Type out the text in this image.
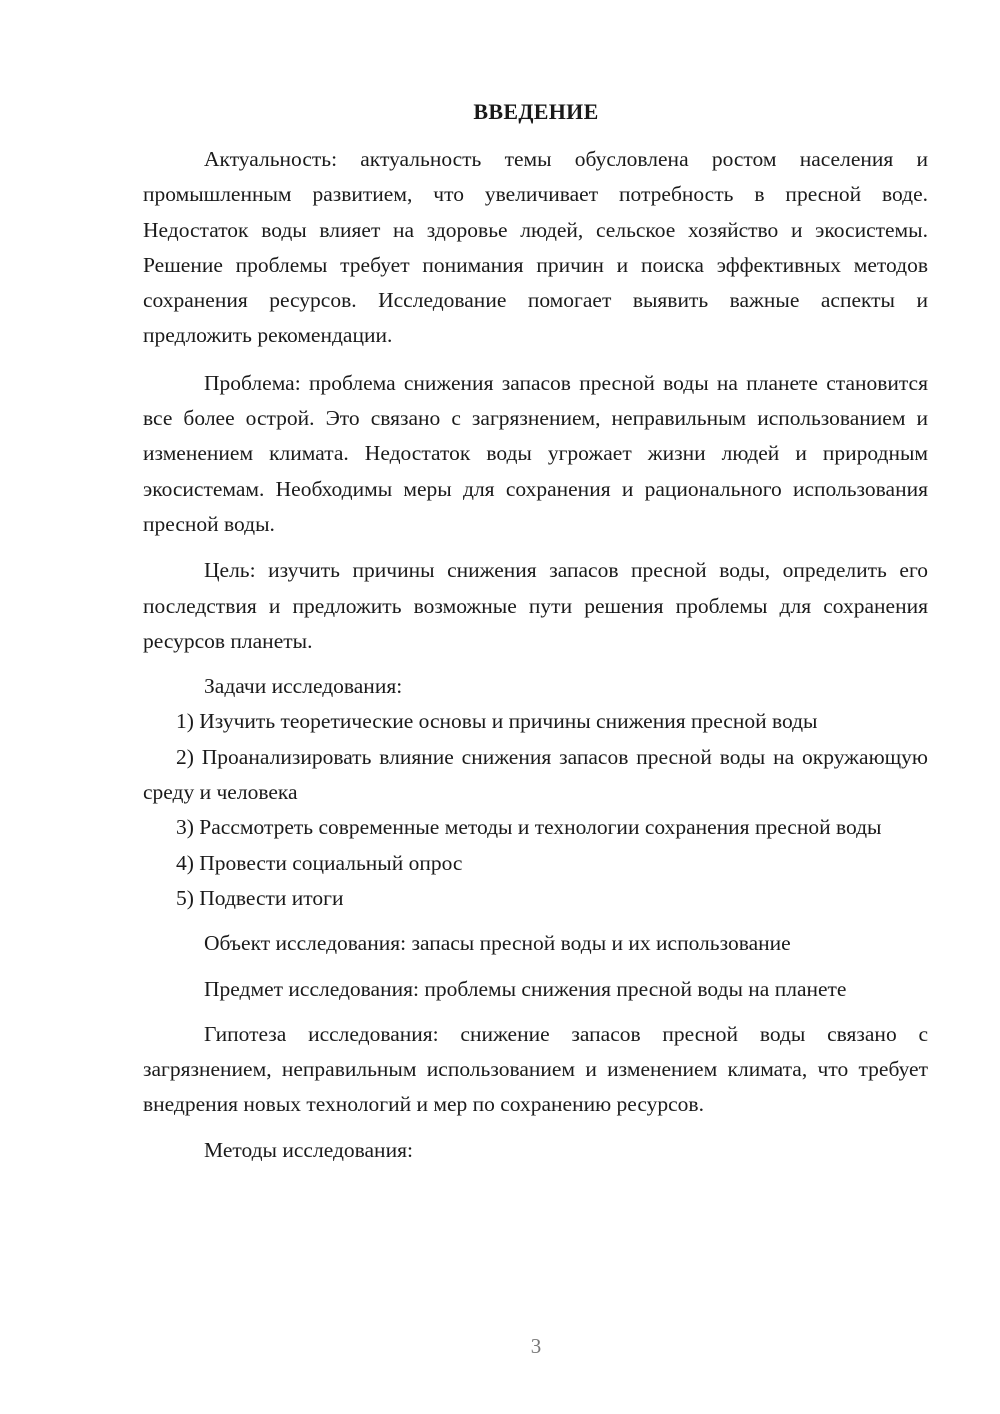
ВВЕДЕНИЕ

Актуальность: актуальность темы обусловлена ростом населения и промышленным развитием, что увеличивает потребность в пресной воде. Недостаток воды влияет на здоровье людей, сельское хозяйство и экосистемы. Решение проблемы требует понимания причин и поиска эффективных методов сохранения ресурсов. Исследование помогает выявить важные аспекты и предложить рекомендации.

Проблема: проблема снижения запасов пресной воды на планете становится все более острой. Это связано с загрязнением, неправильным использованием и изменением климата. Недостаток воды угрожает жизни людей и природным экосистемам. Необходимы меры для сохранения и рационального использования пресной воды.

Цель: изучить причины снижения запасов пресной воды, определить его последствия и предложить возможные пути решения проблемы для сохранения ресурсов планеты.

Задачи исследования:

1) Изучить теоретические основы и причины снижения пресной воды

2) Проанализировать влияние снижения запасов пресной воды на окружающую среду и человека

3) Рассмотреть современные методы и технологии сохранения пресной воды

4) Провести социальный опрос

5) Подвести итоги

Объект исследования: запасы пресной воды и их использование

Предмет исследования: проблемы снижения пресной воды на планете

Гипотеза исследования: снижение запасов пресной воды связано с загрязнением, неправильным использованием и изменением климата, что требует внедрения новых технологий и мер по сохранению ресурсов.

Методы исследования:

3
